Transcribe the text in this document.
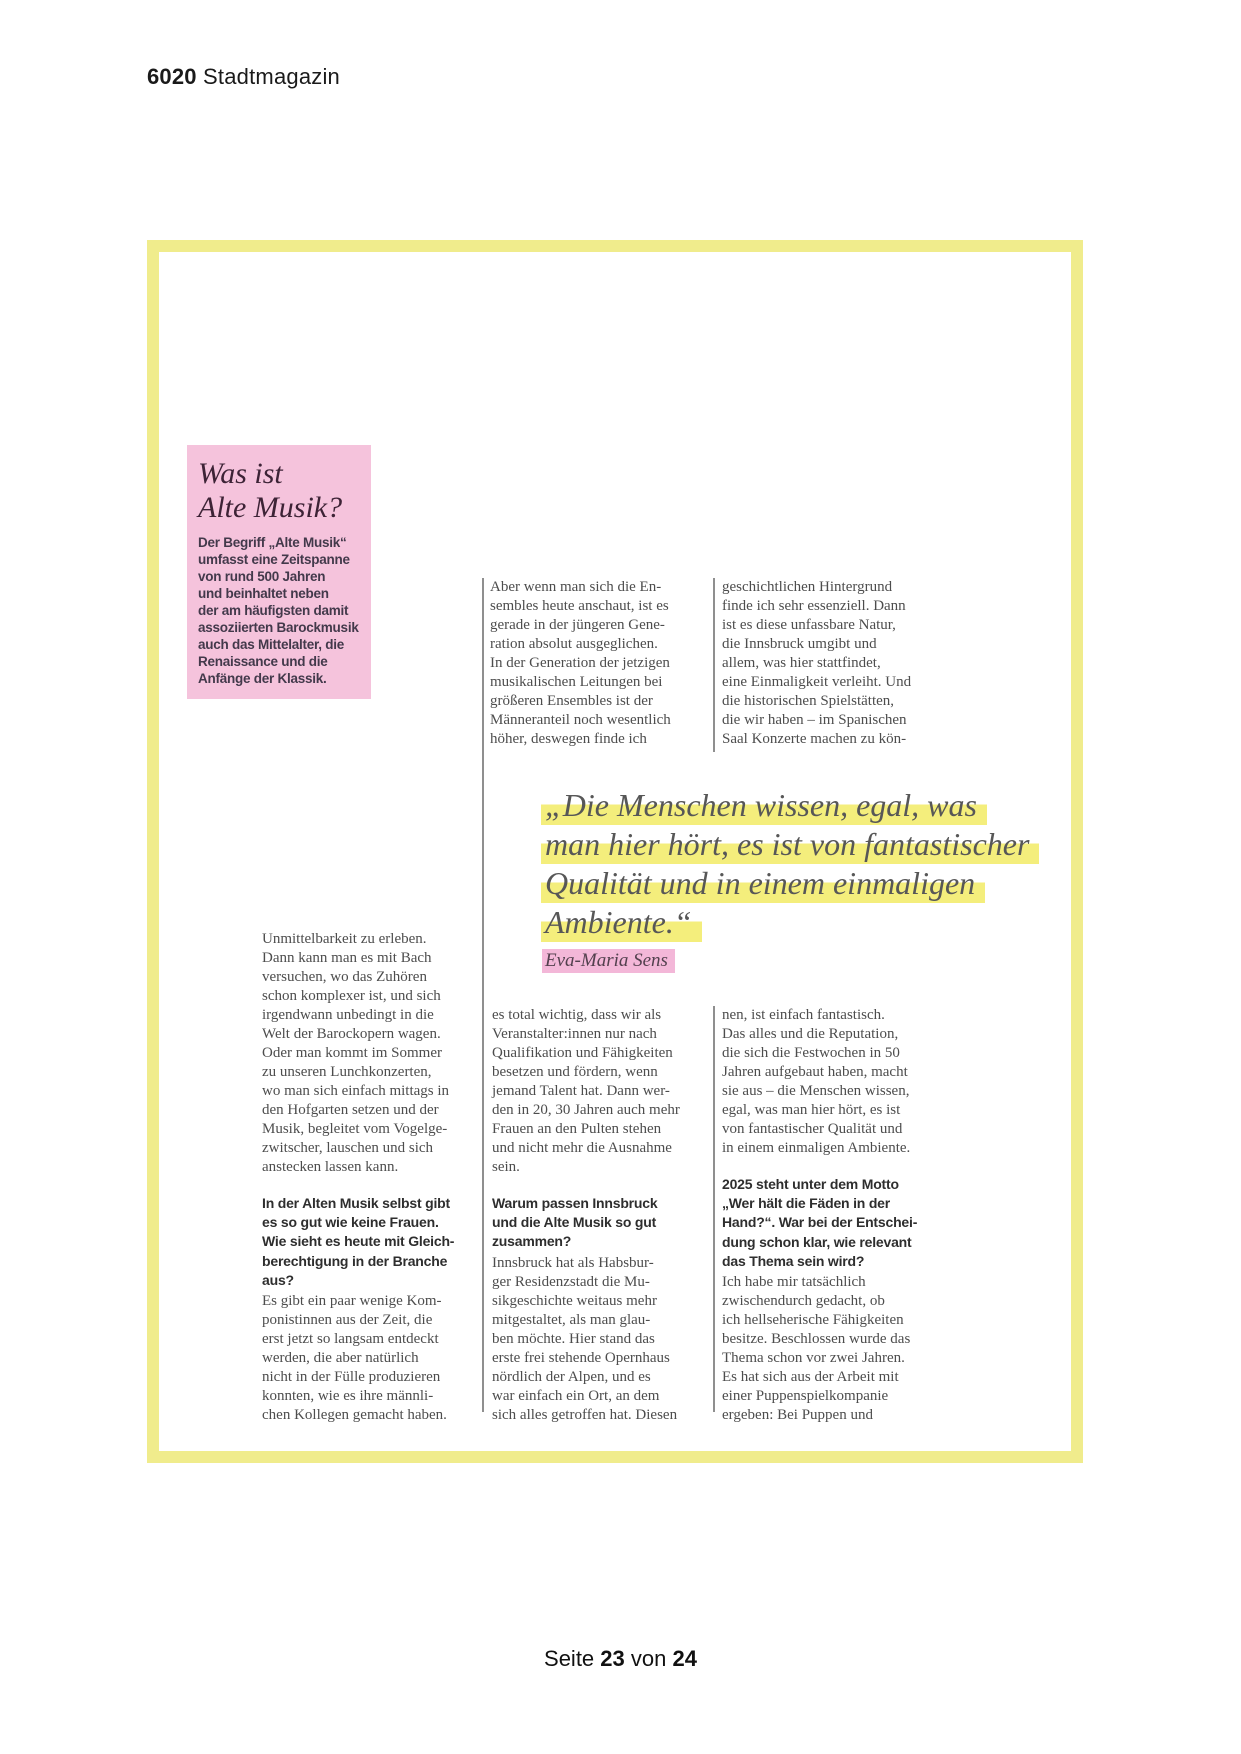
6020 Stadtmagazin
Was ist
Alte Musik?
Der Begriff „Alte Musik“
umfasst eine Zeitspanne
von rund 500 Jahren
und beinhaltet neben
der am häufigsten damit
assoziierten Barockmusik
auch das Mittelalter, die
Renaissance und die
Anfänge der Klassik.
Aber wenn man sich die En-
sembles heute anschaut, ist es
gerade in der jüngeren Gene-
ration absolut ausgeglichen.
In der Generation der jetzigen
musikalischen Leitungen bei
größeren Ensembles ist der
Männeranteil noch wesentlich
höher, deswegen finde ich
geschichtlichen Hintergrund
finde ich sehr essenziell. Dann
ist es diese unfassbare Natur,
die Innsbruck umgibt und
allem, was hier stattfindet,
eine Einmaligkeit verleiht. Und
die historischen Spielstätten,
die wir haben – im Spanischen
Saal Konzerte machen zu kön-
„Die Menschen wissen, egal, was
man hier hört, es ist von fantastischer
Qualität und in einem einmaligen
Ambiente.“
Eva-Maria Sens
Unmittelbarkeit zu erleben.
Dann kann man es mit Bach
versuchen, wo das Zuhören
schon komplexer ist, und sich
irgendwann unbedingt in die
Welt der Barockopern wagen.
Oder man kommt im Sommer
zu unseren Lunchkonzerten,
wo man sich einfach mittags in
den Hofgarten setzen und der
Musik, begleitet vom Vogelge-
zwitscher, lauschen und sich
anstecken lassen kann.
In der Alten Musik selbst gibt
es so gut wie keine Frauen.
Wie sieht es heute mit Gleich-
berechtigung in der Branche
aus?
Es gibt ein paar wenige Kom-
ponistinnen aus der Zeit, die
erst jetzt so langsam entdeckt
werden, die aber natürlich
nicht in der Fülle produzieren
konnten, wie es ihre männli-
chen Kollegen gemacht haben.
es total wichtig, dass wir als
Veranstalter:innen nur nach
Qualifikation und Fähigkeiten
besetzen und fördern, wenn
jemand Talent hat. Dann wer-
den in 20, 30 Jahren auch mehr
Frauen an den Pulten stehen
und nicht mehr die Ausnahme
sein.
Warum passen Innsbruck
und die Alte Musik so gut
zusammen?
Innsbruck hat als Habsbur-
ger Residenzstadt die Mu-
sikgeschichte weitaus mehr
mitgestaltet, als man glau-
ben möchte. Hier stand das
erste frei stehende Opernhaus
nördlich der Alpen, und es
war einfach ein Ort, an dem
sich alles getroffen hat. Diesen
nen, ist einfach fantastisch.
Das alles und die Reputation,
die sich die Festwochen in 50
Jahren aufgebaut haben, macht
sie aus – die Menschen wissen,
egal, was man hier hört, es ist
von fantastischer Qualität und
in einem einmaligen Ambiente.
2025 steht unter dem Motto
„Wer hält die Fäden in der
Hand?“. War bei der Entschei-
dung schon klar, wie relevant
das Thema sein wird?
Ich habe mir tatsächlich
zwischendurch gedacht, ob
ich hellseherische Fähigkeiten
besitze. Beschlossen wurde das
Thema schon vor zwei Jahren.
Es hat sich aus der Arbeit mit
einer Puppenspielkompanie
ergeben: Bei Puppen und
Seite 23 von 24
